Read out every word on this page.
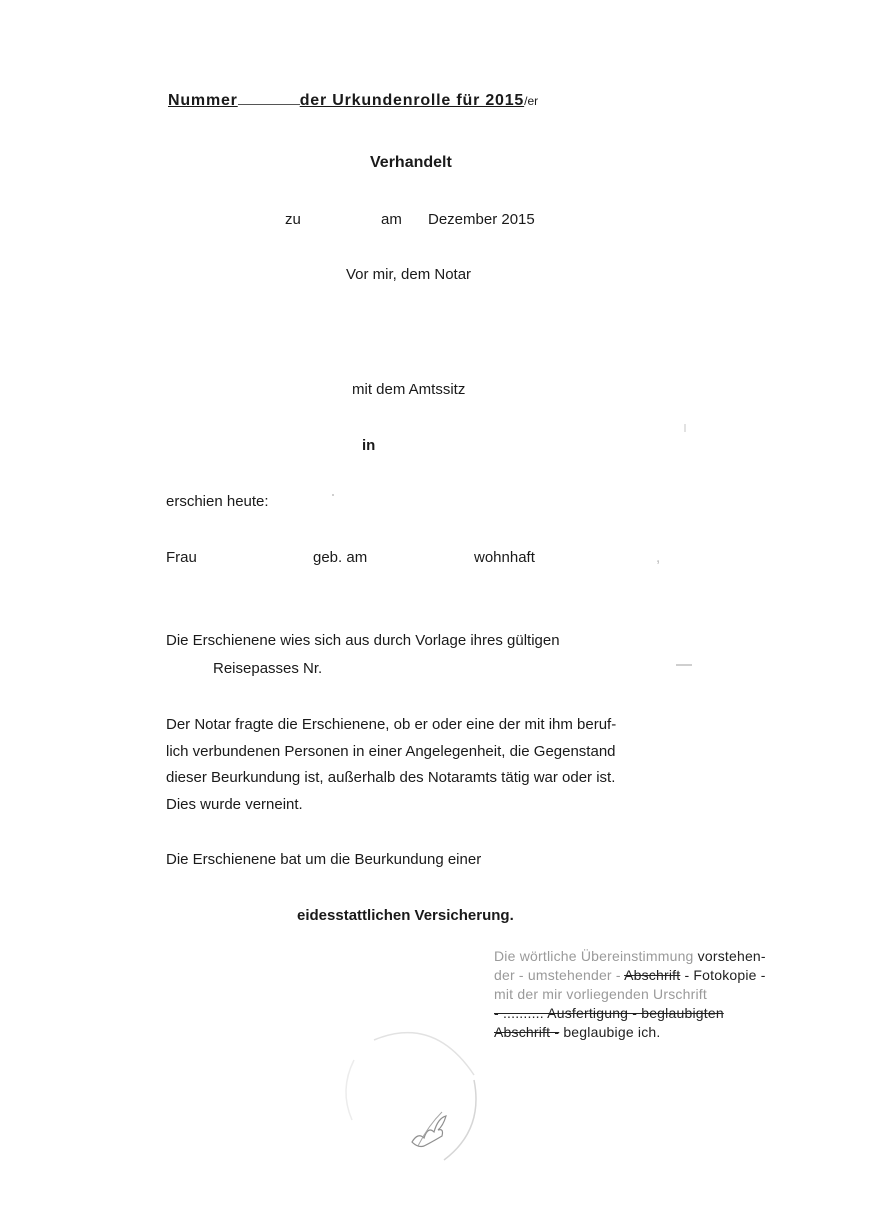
Nummer	der Urkundenrolle für 2015/er
Verhandelt
zu	am Dezember 2015
Vor mir, dem Notar
mit dem Amtssitz
in
erschien heute:
Frau	geb. am	wohnhaft	,
Die Erschienene wies sich aus durch Vorlage ihres gültigen
Reisepasses Nr.
Der Notar fragte die Erschienene, ob er oder eine der mit ihm beruf-
lich verbundenen Personen in einer Angelegenheit, die Gegenstand
dieser Beurkundung ist, außerhalb des Notaramts tätig war oder ist.
Dies wurde verneint.
Die Erschienene bat um die Beurkundung einer
eidesstattlichen Versicherung.
Die wörtliche Übereinstimmung vorstehen-
der - umstehender - Abschrift - Fotokopie -
mit der mir vorliegenden Urschrift
- .......... Ausfertigung - beglaubigten
Abschrift - beglaubige ich.
